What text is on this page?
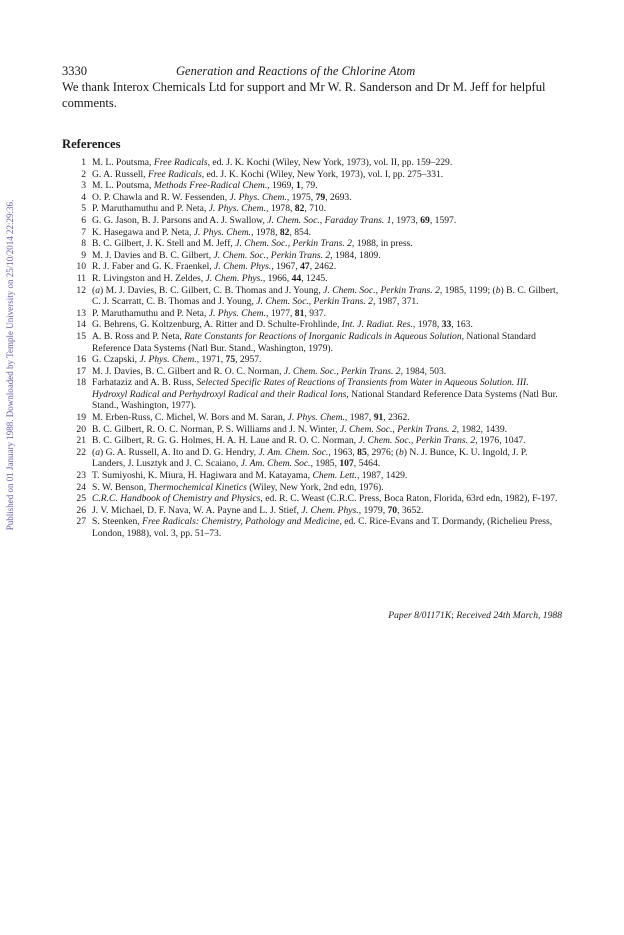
Published on 01 January 1988. Downloaded by Temple University on 25/10/2014 22:29:36.
3330	Generation and Reactions of the Chlorine Atom
We thank Interox Chemicals Ltd for support and Mr W. R. Sanderson and Dr M. Jeff for helpful comments.
References
1 M. L. Poutsma, Free Radicals, ed. J. K. Kochi (Wiley, New York, 1973), vol. II, pp. 159–229.
2 G. A. Russell, Free Radicals, ed. J. K. Kochi (Wiley, New York, 1973), vol. I, pp. 275–331.
3 M. L. Poutsma, Methods Free-Radical Chem., 1969, 1, 79.
4 O. P. Chawla and R. W. Fessenden, J. Phys. Chem., 1975, 79, 2693.
5 P. Maruthamuthu and P. Neta, J. Phys. Chem., 1978, 82, 710.
6 G. G. Jason, B. J. Parsons and A. J. Swallow, J. Chem. Soc., Faraday Trans. 1, 1973, 69, 1597.
7 K. Hasegawa and P. Neta, J. Phys. Chem., 1978, 82, 854.
8 B. C. Gilbert, J. K. Stell and M. Jeff, J. Chem. Soc., Perkin Trans. 2, 1988, in press.
9 M. J. Davies and B. C. Gilbert, J. Chem. Soc., Perkin Trans. 2, 1984, 1809.
10 R. J. Faber and G. K. Fraenkel, J. Chem. Phys., 1967, 47, 2462.
11 R. Livingston and H. Zeldes, J. Chem. Phys., 1966, 44, 1245.
12 (a) M. J. Davies, B. C. Gilbert, C. B. Thomas and J. Young, J. Chem. Soc., Perkin Trans. 2, 1985, 1199; (b) B. C. Gilbert, C. J. Scarratt, C. B. Thomas and J. Young, J. Chem. Soc., Perkin Trans. 2, 1987, 371.
13 P. Maruthamuthu and P. Neta, J. Phys. Chem., 1977, 81, 937.
14 G. Behrens, G. Koltzenburg, A. Ritter and D. Schulte-Frohlinde, Int. J. Radiat. Res., 1978, 33, 163.
15 A. B. Ross and P. Neta, Rate Constants for Reactions of Inorganic Radicals in Aqueous Solution, National Standard Reference Data Systems (Natl Bur. Stand., Washington, 1979).
16 G. Czapski, J. Phys. Chem., 1971, 75, 2957.
17 M. J. Davies, B. C. Gilbert and R. O. C. Norman, J. Chem. Soc., Perkin Trans. 2, 1984, 503.
18 Farhataziz and A. B. Russ, Selected Specific Rates of Reactions of Transients from Water in Aqueous Solution. III. Hydroxyl Radical and Perhydroxyl Radical and their Radical Ions, National Standard Reference Data Systems (Natl Bur. Stand., Washington, 1977).
19 M. Erben-Russ, C. Michel, W. Bors and M. Saran, J. Phys. Chem., 1987, 91, 2362.
20 B. C. Gilbert, R. O. C. Norman, P. S. Williams and J. N. Winter, J. Chem. Soc., Perkin Trans. 2, 1982, 1439.
21 B. C. Gilbert, R. G. G. Holmes, H. A. H. Laue and R. O. C. Norman, J. Chem. Soc., Perkin Trans. 2, 1976, 1047.
22 (a) G. A. Russell, A. Ito and D. G. Hendry, J. Am. Chem. Soc., 1963, 85, 2976; (b) N. J. Bunce, K. U. Ingold, J. P. Landers, J. Lusztyk and J. C. Scaiano, J. Am. Chem. Soc., 1985, 107, 5464.
23 T. Sumiyoshi, K. Miura, H. Hagiwara and M. Katayama, Chem. Lett., 1987, 1429.
24 S. W. Benson, Thermochemical Kinetics (Wiley, New York, 2nd edn, 1976).
25 C.R.C. Handbook of Chemistry and Physics, ed. R. C. Weast (C.R.C. Press, Boca Raton, Florida, 63rd edn, 1982), F-197.
26 J. V. Michael, D. F. Nava, W. A. Payne and L. J. Stief, J. Chem. Phys., 1979, 70, 3652.
27 S. Steenken, Free Radicals: Chemistry, Pathology and Medicine, ed. C. Rice-Evans and T. Dormandy, (Richelieu Press, London, 1988), vol. 3, pp. 51–73.
Paper 8/01171K; Received 24th March, 1988
